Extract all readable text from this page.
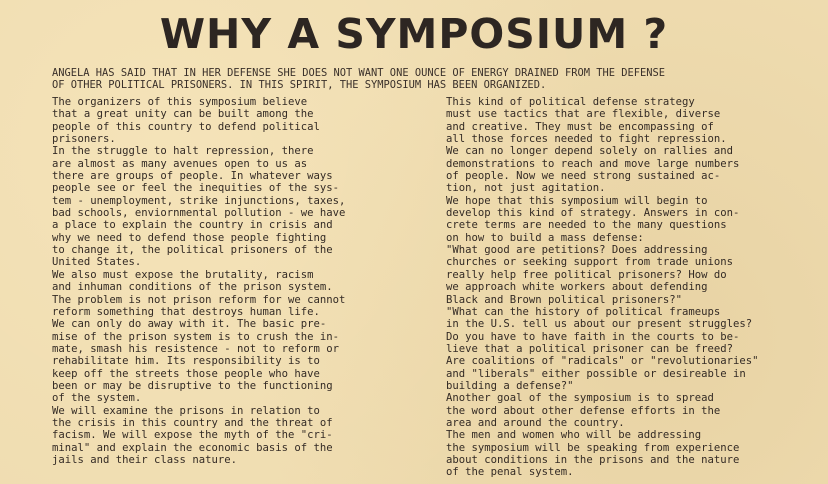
WHY A SYMPOSIUM ?
ANGELA HAS SAID THAT IN HER DEFENSE SHE DOES NOT WANT ONE OUNCE OF ENERGY DRAINED FROM THE DEFENSE
OF OTHER POLITICAL PRISONERS. IN THIS SPIRIT, THE SYMPOSIUM HAS BEEN ORGANIZED.
The organizers of this symposium believe
that a great unity can be built among the
people of this country to defend political
prisoners.
In the struggle to halt repression, there
are almost as many avenues open to us as
there are groups of people. In whatever ways
people see or feel the inequities of the sys-
tem - unemployment, strike injunctions, taxes,
bad schools, enviornmental pollution - we have
a place to explain the country in crisis and
why we need to defend those people fighting
to change it, the political prisoners of the
United States.
We also must expose the brutality, racism
and inhuman conditions of the prison system.
The problem is not prison reform for we cannot
reform something that destroys human life.
We can only do away with it. The basic pre-
mise of the prison system is to crush the in-
mate, smash his resistence - not to reform or
rehabilitate him. Its responsibility is to
keep off the streets those people who have
been or may be disruptive to the functioning
of the system.
We will examine the prisons in relation to
the crisis in this country and the threat of
facism. We will expose the myth of the "cri-
minal" and explain the economic basis of the
jails and their class nature.
This kind of political defense strategy
must use tactics that are flexible, diverse
and creative. They must be encompassing of
all those forces needed to fight repression.
We can no longer depend solely on rallies and
demonstrations to reach and move large numbers
of people. Now we need strong sustained ac-
tion, not just agitation.
We hope that this symposium will begin to
develop this kind of strategy. Answers in con-
crete terms are needed to the many questions
on how to build a mass defense:
"What good are petitions? Does addressing
churches or seeking support from trade unions
really help free political prisoners? How do
we approach white workers about defending
Black and Brown political prisoners?"
"What can the history of political frameups
in the U.S. tell us about our present struggles?
Do you have to have faith in the courts to be-
lieve that a political prisoner can be freed?
Are coalitions of "radicals" or "revolutionaries"
and "liberals" either possible or desireable in
building a defense?"
Another goal of the symposium is to spread
the word about other defense efforts in the
area and around the country.
The men and women who will be addressing
the symposium will be speaking from experience
about conditions in the prisons and the nature
of the penal system.
